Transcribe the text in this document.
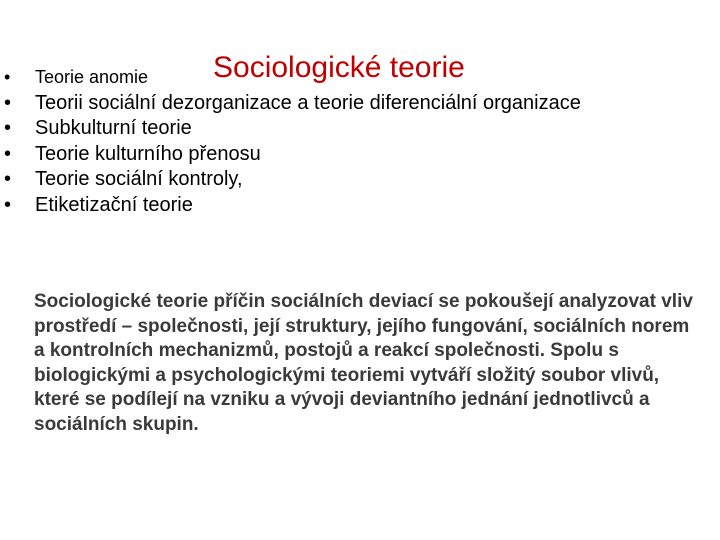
Sociologické teorie
• Teorie anomie
• Teorii sociální dezorganizace a teorie diferenciální organizace
• Subkulturní teorie
• Teorie kulturního přenosu
• Teorie sociální kontroly,
• Etiketizační teorie

Sociologické teorie příčin sociálních deviací se pokoušejí analyzovat vliv prostředí – společnosti, její struktury, jejího fungování, sociálních norem a kontrolních mechanizmů, postojů a reakcí společnosti. Spolu s biologickými a psychologickými teoriemi vytváří složitý soubor vlivů, které se podílejí na vzniku a vývoji deviantního jednání jednotlivců a sociálních skupin.
